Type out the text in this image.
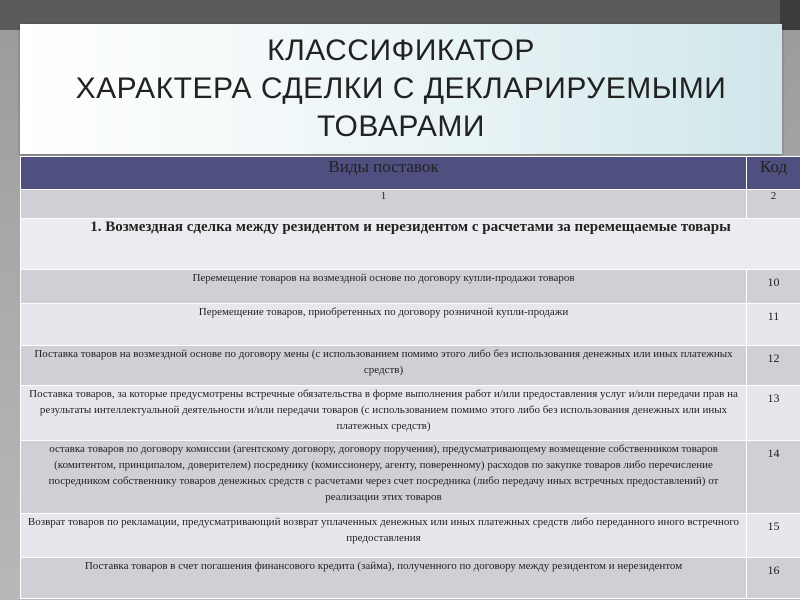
КЛАССИФИКАТОР
ХАРАКТЕРА СДЕЛКИ С ДЕКЛАРИРУЕМЫМИ
ТОВАРАМИ
Виды поставок	Код
1	2
1. Возмездная сделка между резидентом и нерезидентом с расчетами за перемещаемые товары	
Перемещение товаров на возмездной основе по договору купли-продажи товаров	10
Перемещение товаров, приобретенных по договору розничной купли-продажи	11
Поставка товаров на возмездной основе по договору мены (с использованием помимо этого либо без использования денежных или иных платежных средств)	12
Поставка товаров, за которые предусмотрены встречные обязательства в форме выполнения работ и/или предоставления услуг и/или передачи прав на результаты интеллектуальной деятельности и/или передачи товаров (с использованием помимо этого либо без использования денежных или иных платежных средств)	13
оставка товаров по договору комиссии (агентскому договору, договору поручения), предусматривающему возмещение собственником товаров (комитентом, принципалом, доверителем) посреднику (комиссионеру, агенту, поверенному) расходов по закупке товаров либо перечисление посредником собственнику товаров денежных средств с расчетами через счет посредника (либо передачу иных встречных предоставлений) от реализации этих товаров	14
Возврат товаров по рекламации, предусматривающий возврат уплаченных денежных или иных платежных средств либо переданного иного встречного предоставления	15
Поставка товаров в счет погашения финансового кредита (займа), полученного по договору между резидентом и нерезидентом	16
